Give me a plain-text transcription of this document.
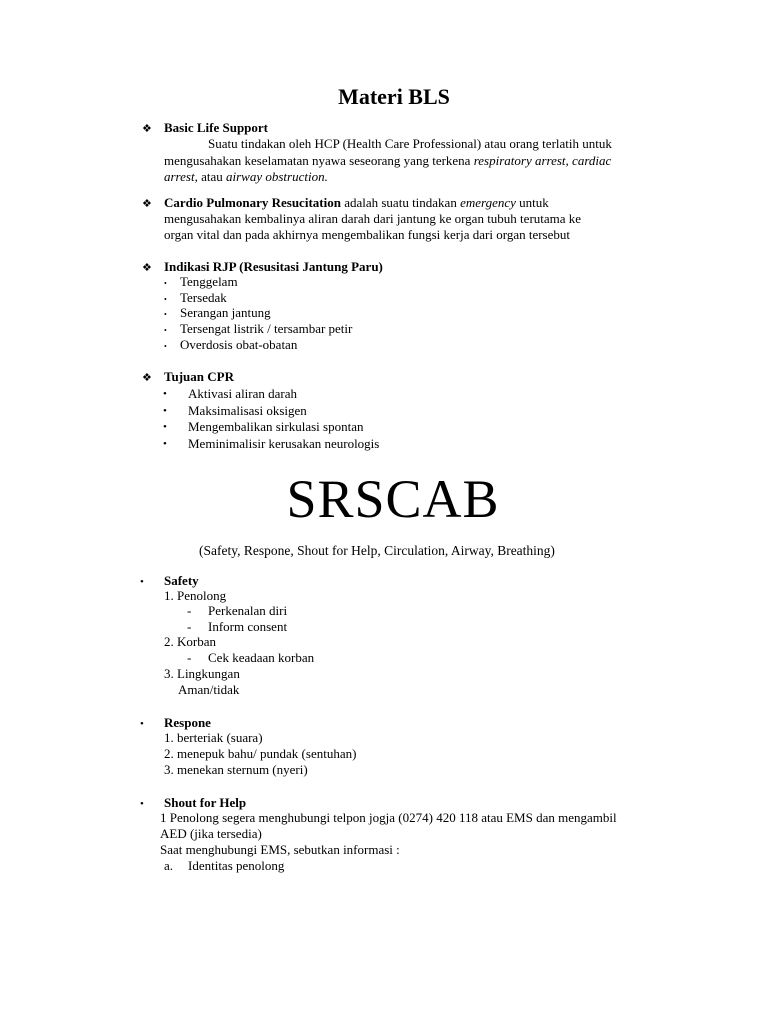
Materi BLS
❖ Basic Life Support
Suatu tindakan oleh HCP (Health Care Professional) atau orang terlatih untuk
mengusahakan keselamatan nyawa seseorang yang terkena respiratory arrest, cardiac
arrest, atau airway obstruction.
❖ Cardio Pulmonary Resucitation adalah suatu tindakan emergency untuk
mengusahakan kembalinya aliran darah dari jantung ke organ tubuh terutama ke
organ vital dan pada akhirnya mengembalikan fungsi kerja dari organ tersebut
❖ Indikasi RJP (Resusitasi Jantung Paru)
• Tenggelam
• Tersedak
• Serangan jantung
• Tersengat listrik / tersambar petir
• Overdosis obat-obatan
❖ Tujuan CPR
• Aktivasi aliran darah
• Maksimalisasi oksigen
• Mengembalikan sirkulasi spontan
• Meminimalisir kerusakan neurologis
SRSCAB
(Safety, Respone, Shout for Help, Circulation, Airway, Breathing)
• Safety
1. Penolong
- Perkenalan diri
- Inform consent
2. Korban
- Cek keadaan korban
3. Lingkungan
Aman/tidak
• Respone
1. berteriak (suara)
2. menepuk bahu/ pundak (sentuhan)
3. menekan sternum (nyeri)
• Shout for Help
1 Penolong segera menghubungi telpon jogja (0274) 420 118 atau EMS dan mengambil
AED (jika tersedia)
Saat menghubungi EMS, sebutkan informasi :
a. Identitas penolong
